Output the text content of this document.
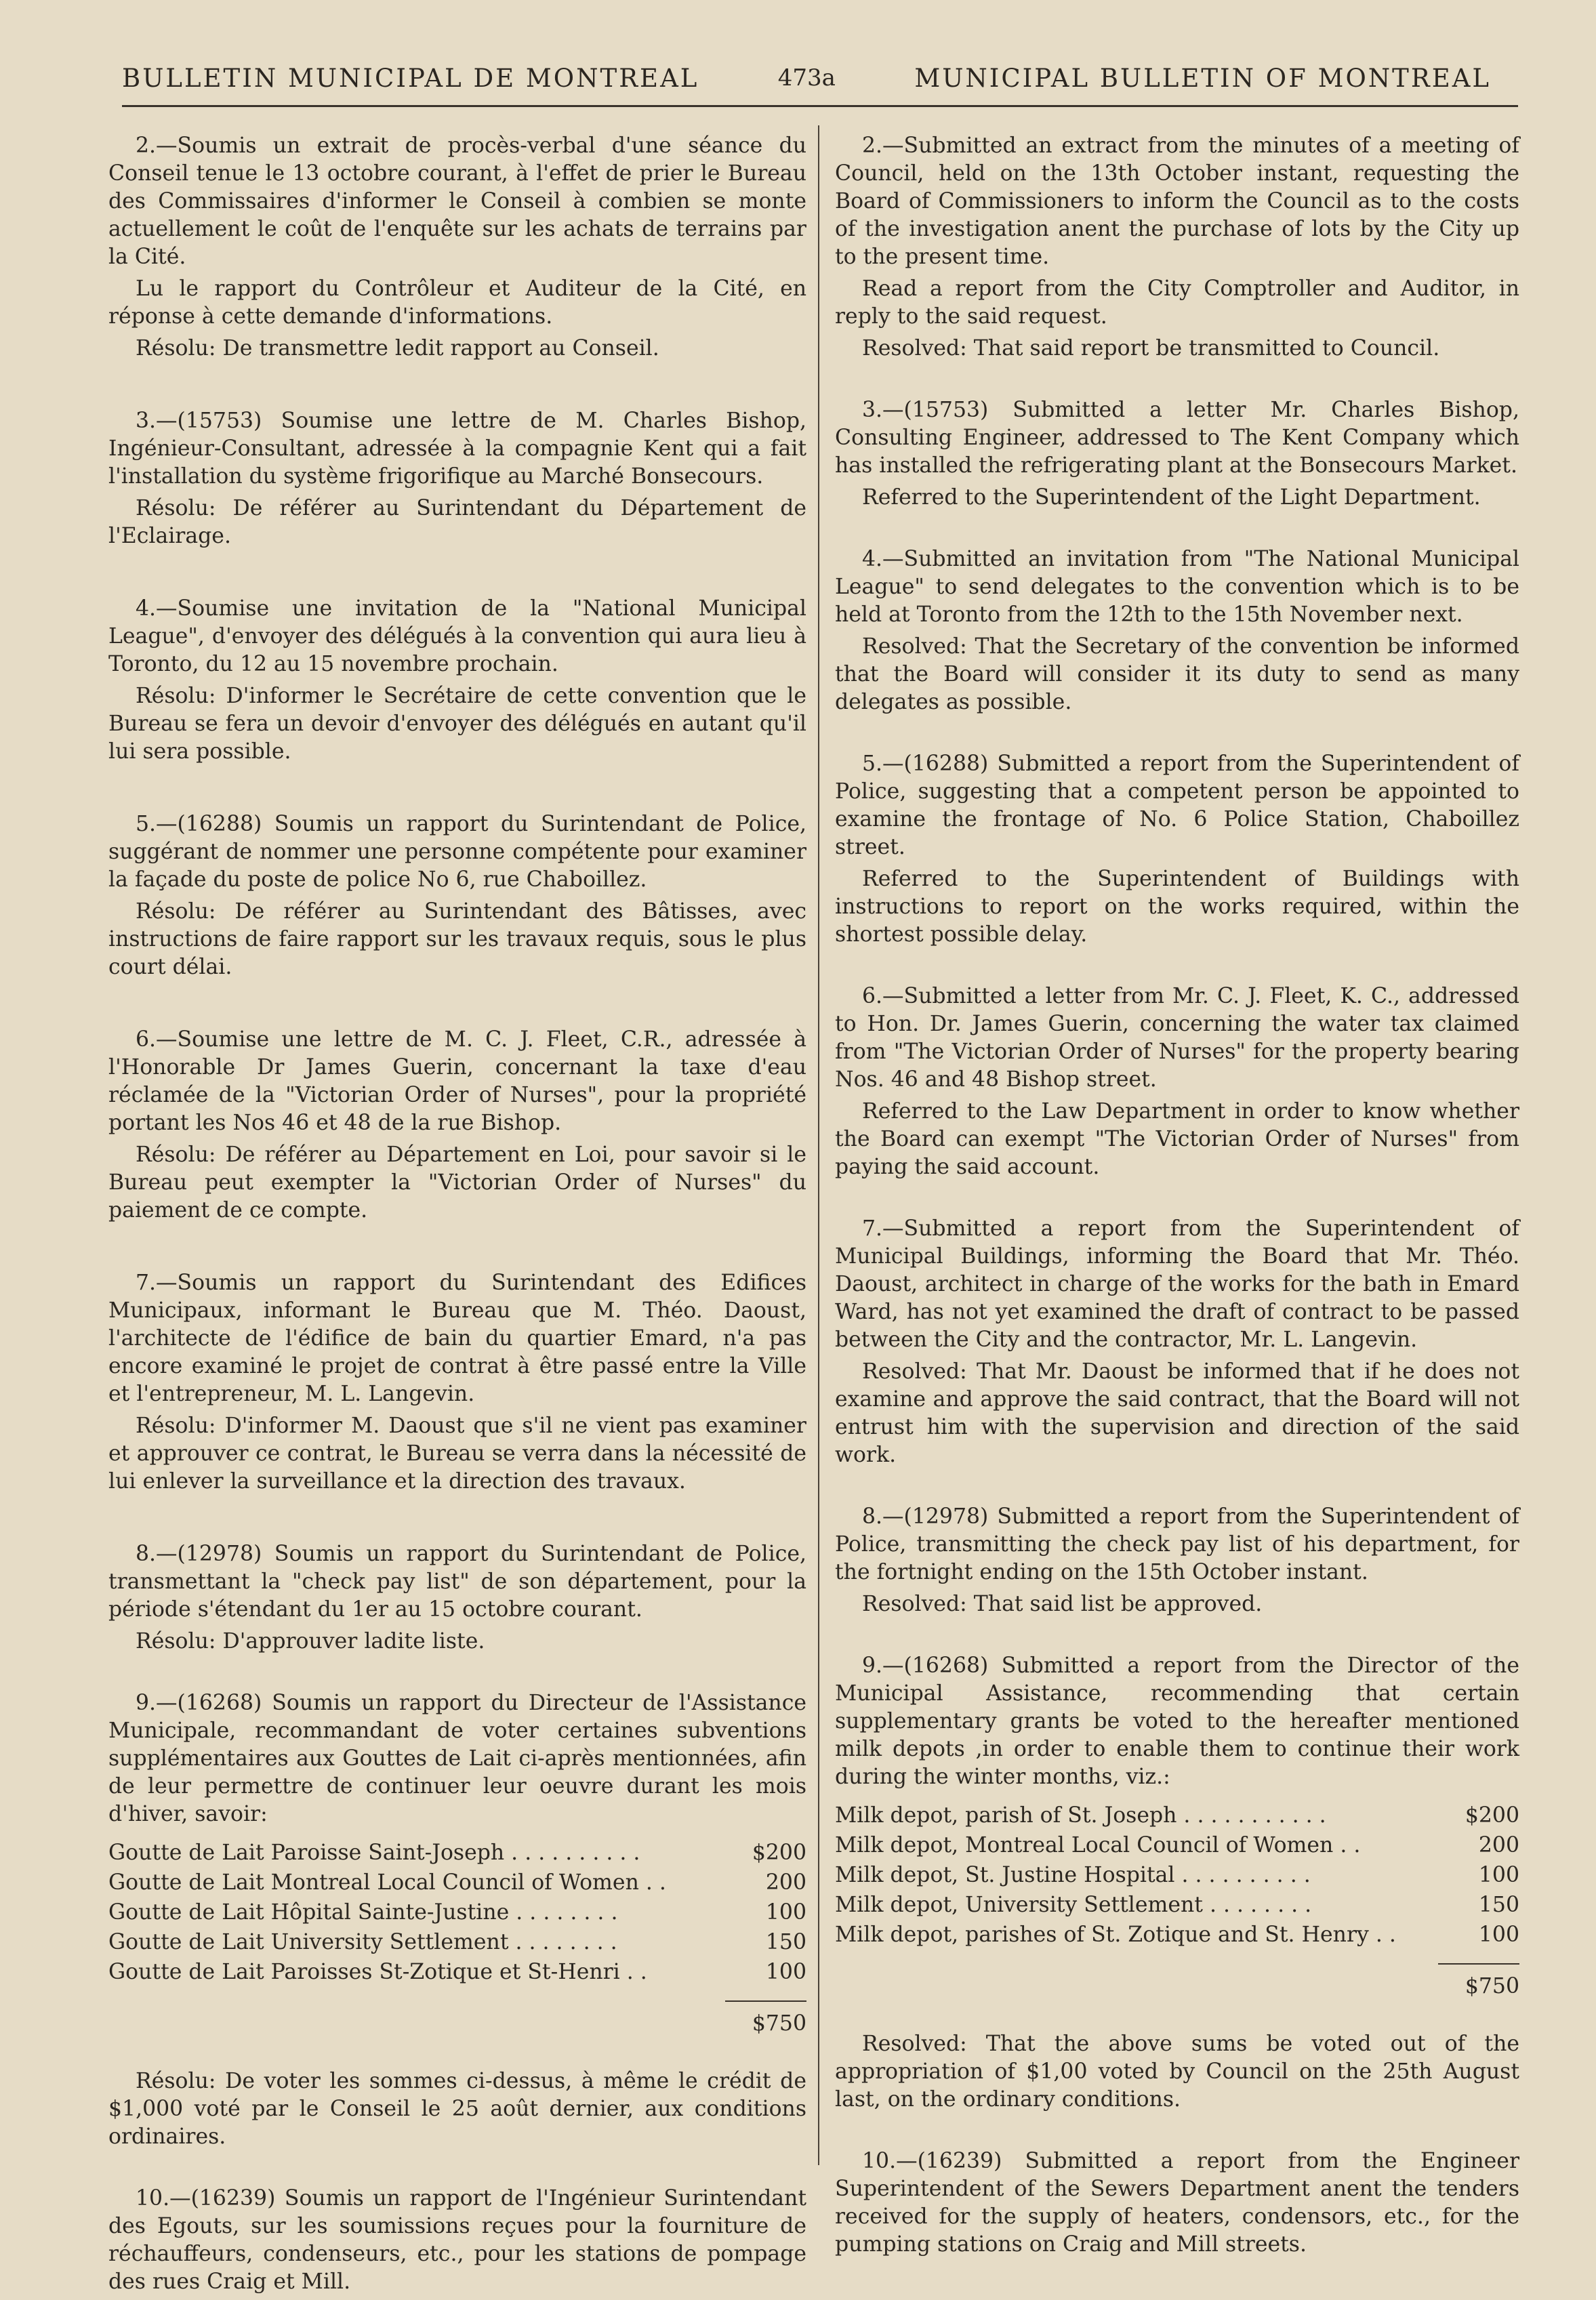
BULLETIN MUNICIPAL DE MONTREAL	473a	MUNICIPAL BULLETIN OF MONTREAL

2.—Soumis un extrait de procès-verbal d'une séance du Conseil tenue le 13 octobre courant, à l'effet de prier le Bureau des Commissaires d'informer le Conseil à combien se monte actuellement le coût de l'enquête sur les achats de terrains par la Cité.

Lu le rapport du Contrôleur et Auditeur de la Cité, en réponse à cette demande d'informations.

Résolu: De transmettre ledit rapport au Conseil.

3.—(15753) Soumise une lettre de M. Charles Bishop, Ingénieur-Consultant, adressée à la compagnie Kent qui a fait l'installation du système frigorifique au Marché Bonsecours.

Résolu: De référer au Surintendant du Département de l'Eclairage.

4.—Soumise une invitation de la "National Municipal League", d'envoyer des délégués à la convention qui aura lieu à Toronto, du 12 au 15 novembre prochain.

Résolu: D'informer le Secrétaire de cette convention que le Bureau se fera un devoir d'envoyer des délégués en autant qu'il lui sera possible.

5.—(16288) Soumis un rapport du Surintendant de Police, suggérant de nommer une personne compétente pour examiner la façade du poste de police No 6, rue Chaboillez.

Résolu: De référer au Surintendant des Bâtisses, avec instructions de faire rapport sur les travaux requis, sous le plus court délai.

6.—Soumise une lettre de M. C. J. Fleet, C.R., adressée à l'Honorable Dr James Guerin, concernant la taxe d'eau réclamée de la "Victorian Order of Nurses", pour la propriété portant les Nos 46 et 48 de la rue Bishop.

Résolu: De référer au Département en Loi, pour savoir si le Bureau peut exempter la "Victorian Order of Nurses" du paiement de ce compte.

7.—Soumis un rapport du Surintendant des Edifices Municipaux, informant le Bureau que M. Théo. Daoust, l'architecte de l'édifice de bain du quartier Emard, n'a pas encore examiné le projet de contrat à être passé entre la Ville et l'entrepreneur, M. L. Langevin.

Résolu: D'informer M. Daoust que s'il ne vient pas examiner et approuver ce contrat, le Bureau se verra dans la nécessité de lui enlever la surveillance et la direction des travaux.

8.—(12978) Soumis un rapport du Surintendant de Police, transmettant la "check pay list" de son département, pour la période s'étendant du 1er au 15 octobre courant.

Résolu: D'approuver ladite liste.

9.—(16268) Soumis un rapport du Directeur de l'Assistance Municipale, recommandant de voter certaines subventions supplémentaires aux Gouttes de Lait ci-après mentionnées, afin de leur permettre de continuer leur oeuvre durant les mois d'hiver, savoir:

Goutte de Lait Paroisse Saint-Joseph . . . . . . . . . .	$200
Goutte de Lait Montreal Local Council of Women . .	200
Goutte de Lait Hôpital Sainte-Justine . . . . . . . .	100
Goutte de Lait University Settlement . . . . . . . .	150
Goutte de Lait Paroisses St-Zotique et St-Henri . .	100
$750

Résolu: De voter les sommes ci-dessus, à même le crédit de $1,000 voté par le Conseil le 25 août dernier, aux conditions ordinaires.

10.—(16239) Soumis un rapport de l'Ingénieur Surintendant des Egouts, sur les soumissions reçues pour la fourniture de réchauffeurs, condenseurs, etc., pour les stations de pompage des rues Craig et Mill.

2.—Submitted an extract from the minutes of a meeting of Council, held on the 13th October instant, requesting the Board of Commissioners to inform the Council as to the costs of the investigation anent the purchase of lots by the City up to the present time.

Read a report from the City Comptroller and Auditor, in reply to the said request.

Resolved: That said report be transmitted to Council.

3.—(15753) Submitted a letter Mr. Charles Bishop, Consulting Engineer, addressed to The Kent Company which has installed the refrigerating plant at the Bonsecours Market.

Referred to the Superintendent of the Light Department.

4.—Submitted an invitation from "The National Municipal League" to send delegates to the convention which is to be held at Toronto from the 12th to the 15th November next.

Resolved: That the Secretary of the convention be informed that the Board will consider it its duty to send as many delegates as possible.

5.—(16288) Submitted a report from the Superintendent of Police, suggesting that a competent person be appointed to examine the frontage of No. 6 Police Station, Chaboillez street.

Referred to the Superintendent of Buildings with instructions to report on the works required, within the shortest possible delay.

6.—Submitted a letter from Mr. C. J. Fleet, K. C., addressed to Hon. Dr. James Guerin, concerning the water tax claimed from "The Victorian Order of Nurses" for the property bearing Nos. 46 and 48 Bishop street.

Referred to the Law Department in order to know whether the Board can exempt "The Victorian Order of Nurses" from paying the said account.

7.—Submitted a report from the Superintendent of Municipal Buildings, informing the Board that Mr. Théo. Daoust, architect in charge of the works for the bath in Emard Ward, has not yet examined the draft of contract to be passed between the City and the contractor, Mr. L. Langevin.

Resolved: That Mr. Daoust be informed that if he does not examine and approve the said contract, that the Board will not entrust him with the supervision and direction of the said work.

8.—(12978) Submitted a report from the Superintendent of Police, transmitting the check pay list of his department, for the fortnight ending on the 15th October instant.

Resolved: That said list be approved.

9.—(16268) Submitted a report from the Director of the Municipal Assistance, recommending that certain supplementary grants be voted to the hereafter mentioned milk depots ,in order to enable them to continue their work during the winter months, viz.:

Milk depot, parish of St. Joseph . . . . . . . . . . .	$200
Milk depot, Montreal Local Council of Women . .	200
Milk depot, St. Justine Hospital . . . . . . . . . .	100
Milk depot, University Settlement . . . . . . . .	150
Milk depot, parishes of St. Zotique and St. Henry . .	100
$750

Resolved: That the above sums be voted out of the appropriation of $1,00 voted by Council on the 25th August last, on the ordinary conditions.

10.—(16239) Submitted a report from the Engineer Superintendent of the Sewers Department anent the tenders received for the supply of heaters, condensors, etc., for the pumping stations on Craig and Mill streets.
